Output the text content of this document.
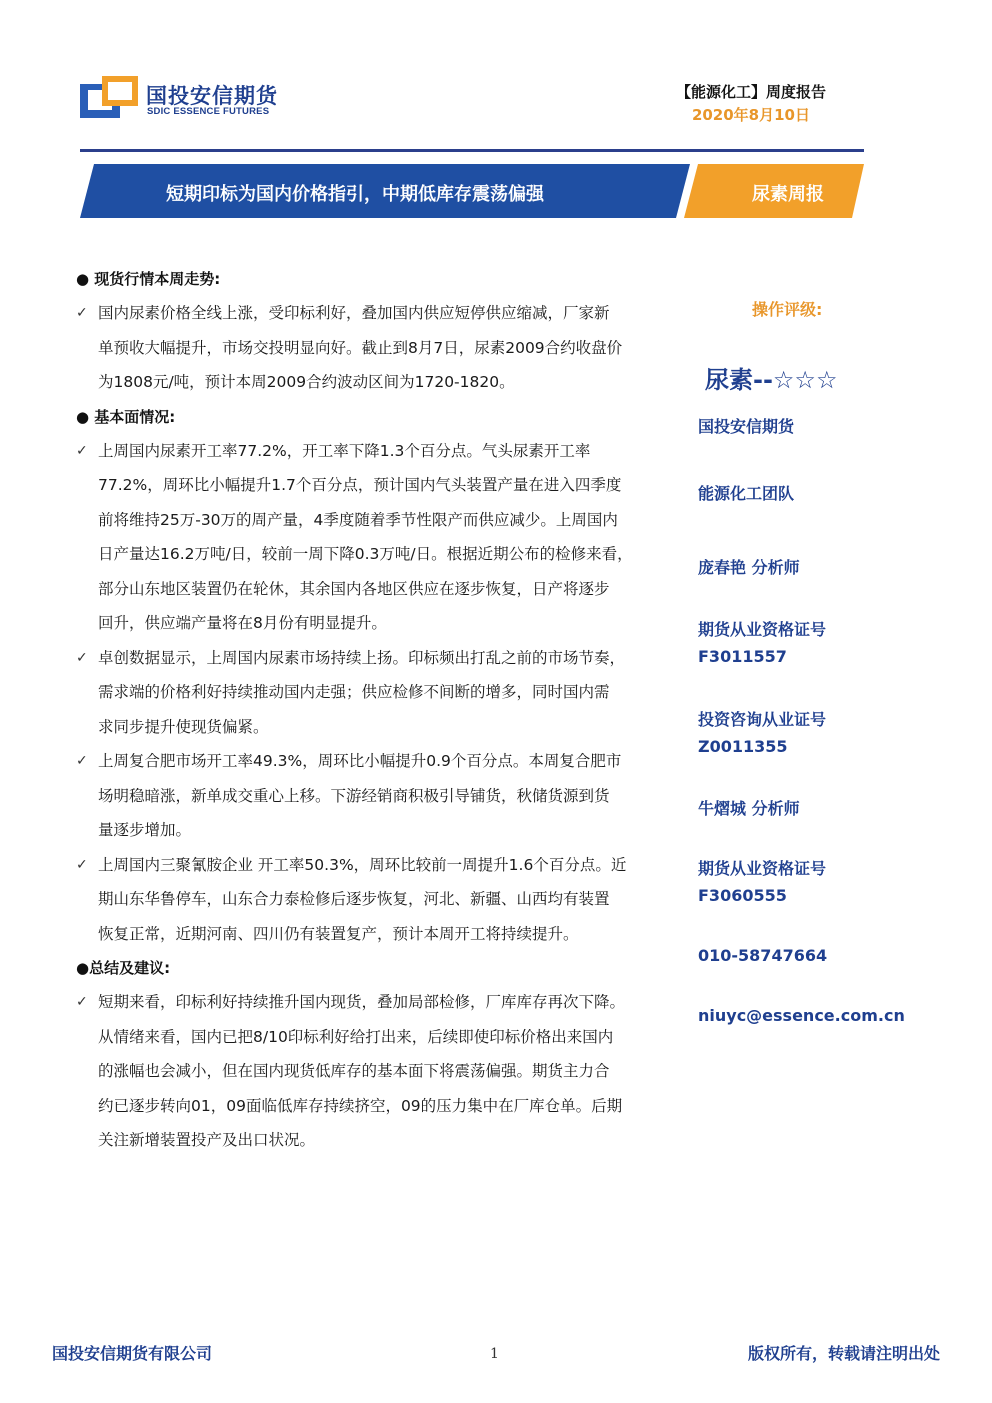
国投安信期货
SDIC ESSENCE FUTURES
【能源化工】周度报告
2020年8月10日
短期印标为国内价格指引，中期低库存震荡偏强	尿素周报
● 现货行情本周走势:
✓ 国内尿素价格全线上涨，受印标利好，叠加国内供应短停供应缩减，厂家新
单预收大幅提升，市场交投明显向好。截止到8月7日，尿素2009合约收盘价
为1808元/吨，预计本周2009合约波动区间为1720-1820。
● 基本面情况:
✓ 上周国内尿素开工率77.2%，开工率下降1.3个百分点。气头尿素开工率
77.2%，周环比小幅提升1.7个百分点，预计国内气头装置产量在进入四季度
前将维持25万-30万的周产量，4季度随着季节性限产而供应减少。上周国内
日产量达16.2万吨/日，较前一周下降0.3万吨/日。根据近期公布的检修来看，
部分山东地区装置仍在轮休，其余国内各地区供应在逐步恢复，日产将逐步
回升，供应端产量将在8月份有明显提升。
✓ 卓创数据显示，上周国内尿素市场持续上扬。印标频出打乱之前的市场节奏，
需求端的价格利好持续推动国内走强；供应检修不间断的增多，同时国内需
求同步提升使现货偏紧。
✓ 上周复合肥市场开工率49.3%，周环比小幅提升0.9个百分点。本周复合肥市
场明稳暗涨，新单成交重心上移。下游经销商积极引导铺货，秋储货源到货
量逐步增加。
✓ 上周国内三聚氰胺企业 开工率50.3%，周环比较前一周提升1.6个百分点。近
期山东华鲁停车，山东合力泰检修后逐步恢复，河北、新疆、山西均有装置
恢复正常，近期河南、四川仍有装置复产，预计本周开工将持续提升。
●总结及建议:
✓ 短期来看，印标利好持续推升国内现货，叠加局部检修，厂库库存再次下降。
从情绪来看，国内已把8/10印标利好给打出来，后续即使印标价格出来国内
的涨幅也会减小，但在国内现货低库存的基本面下将震荡偏强。期货主力合
约已逐步转向01，09面临低库存持续挤空，09的压力集中在厂库仓单。后期
关注新增装置投产及出口状况。
操作评级:
尿素--☆☆☆
国投安信期货
能源化工团队
庞春艳 分析师
期货从业资格证号
F3011557
投资咨询从业证号
Z0011355
牛熠城 分析师
期货从业资格证号
F3060555
010-58747664
niuyc@essence.com.cn
国投安信期货有限公司	1	版权所有，转载请注明出处
